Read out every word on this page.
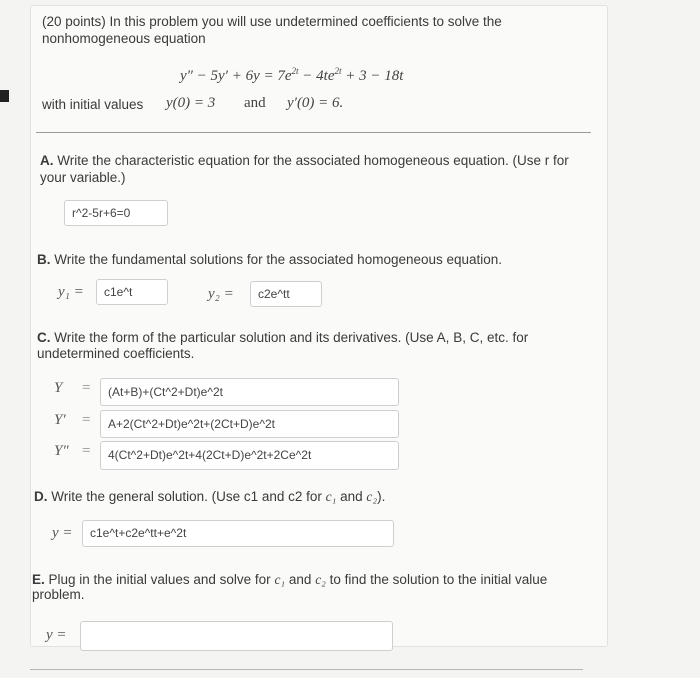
(20 points) In this problem you will use undetermined coefficients to solve the
nonhomogeneous equation
$y'' - 5y' + 6y = 7e^{2t} - 4te^{2t} + 3 - 18t$
with initial values y(0) = 3 and y′(0) = 6.
A. Write the characteristic equation for the associated homogeneous equation. (Use r for
your variable.)
r^2-5r+6=0
B. Write the fundamental solutions for the associated homogeneous equation.
y₁ =	c1e^t	y₂ =	c2e^tt
C. Write the form of the particular solution and its derivatives. (Use A, B, C, etc. for
undetermined coefficients.
Y =	(At+B)+(Ct^2+Dt)e^2t
Y′ =	A+2(Ct^2+Dt)e^2t+(2Ct+D)e^2t
Y″ =	4(Ct^2+Dt)e^2t+4(2Ct+D)e^2t+2Ce^2t
D. Write the general solution. (Use c1 and c2 for c₁ and c₂).
y =	c1e^t+c2e^tt+e^2t
E. Plug in the initial values and solve for c₁ and c₂ to find the solution to the initial value
problem.
y =
